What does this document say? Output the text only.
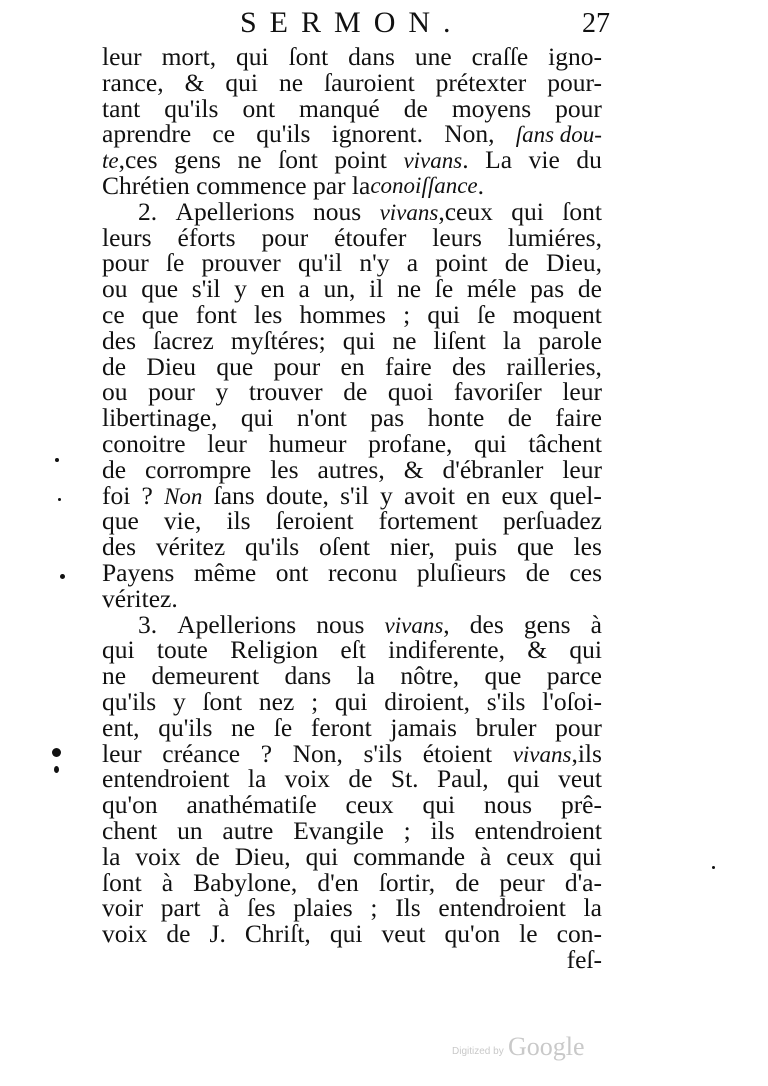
SERMON.	27
leur mort, qui ſont dans une craſſe igno-
rance, & qui ne ſauroient prétexter pour-
tant qu'ils ont manqué de moyens pour
aprendre ce qu'ils ignorent. Non, ſans dou-
te,ces gens ne ſont point vivans. La vie du
Chrétien commence par la conoiſſance .
2. Apellerions nous vivans,ceux qui ſont
leurs éforts pour étoufer leurs lumiéres,
pour ſe prouver qu'il n'y a point de Dieu,
ou que s'il y en a un, il ne ſe méle pas de
ce que font les hommes ; qui ſe moquent
des ſacrez myſtéres; qui ne liſent la parole
de Dieu que pour en faire des railleries,
ou pour y trouver de quoi favoriſer leur
libertinage, qui n'ont pas honte de faire
conoitre leur humeur profane, qui tâchent
de corrompre les autres, & d'ébranler leur
foi ? Non ſans doute, s'il y avoit en eux quel-
que vie, ils ſeroient fortement perſuadez
des véritez qu'ils oſent nier, puis que les
Payens même ont reconu pluſieurs de ces
véritez.
3. Apellerions nous vivans, des gens à
qui toute Religion eſt indiferente, & qui
ne demeurent dans la nôtre, que parce
qu'ils y ſont nez ; qui diroient, s'ils l'oſoi-
ent, qu'ils ne ſe feront jamais bruler pour
leur créance ? Non, s'ils étoient vivans,ils
entendroient la voix de St. Paul, qui veut
qu'on anathématiſe ceux qui nous prê-
chent un autre Evangile ; ils entendroient
la voix de Dieu, qui commande à ceux qui
ſont à Babylone, d'en ſortir, de peur d'a-
voir part à ſes plaies ; Ils entendroient la
voix de J. Chriſt, qui veut qu'on le con-
feſ-
Digitized by Google
